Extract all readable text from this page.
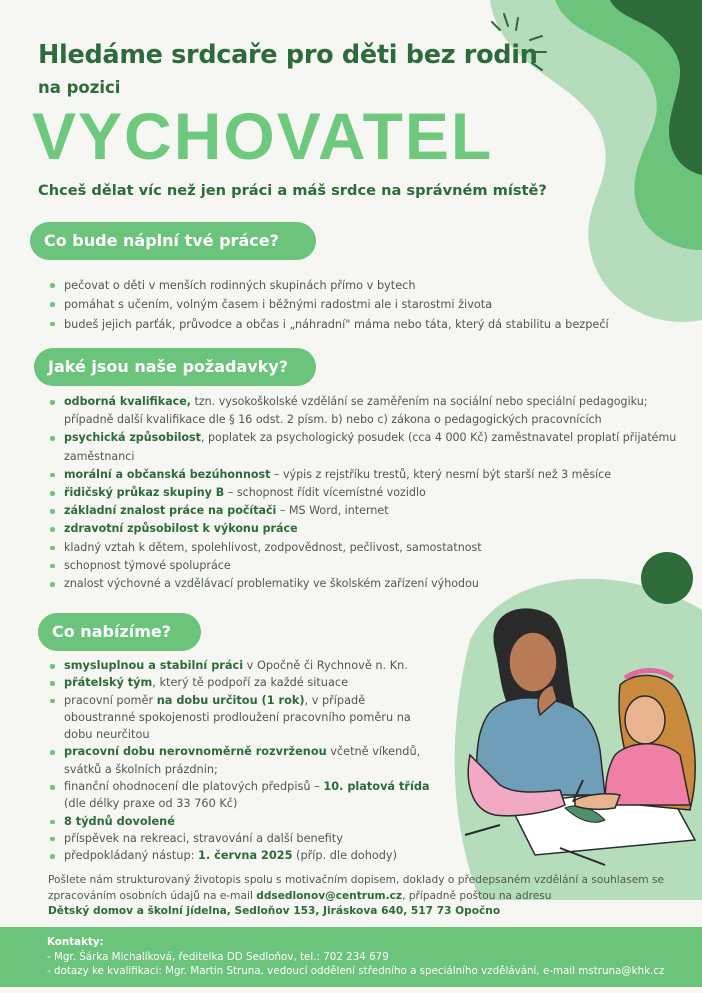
Hledáme srdcaře pro děti bez rodin
na pozici
VYCHOVATEL
Chceš dělat víc než jen práci a máš srdce na správném místě?
Co bude náplní tvé práce?
pečovat o děti v menších rodinných skupinách přímo v bytech
pomáhat s učením, volným časem i běžnými radostmi ale i starostmi života
budeš jejich parťák, průvodce a občas i „náhradní" máma nebo táta, který dá stabilitu a bezpečí
Jaké jsou naše požadavky?
odborná kvalifikace, tzn. vysokoškolské vzdělání se zaměřením na sociální nebo speciální pedagogiku; případně další kvalifikace dle § 16 odst. 2 písm. b) nebo c) zákona o pedagogických pracovnících
psychická způsobilost, poplatek za psychologický posudek (cca 4 000 Kč) zaměstnavatel proplatí přijatému zaměstnanci
morální a občanská bezúhonnost – výpis z rejstříku trestů, který nesmí být starší než 3 měsíce
řidičský průkaz skupiny B – schopnost řídit vícemístné vozidlo
základní znalost práce na počítači – MS Word, internet
zdravotní způsobilost k výkonu práce
kladný vztah k dětem, spolehlivost, zodpovědnost, pečlivost, samostatnost
schopnost týmové spolupráce
znalost výchovné a vzdělávací problematiky ve školském zařízení výhodou
Co nabízíme?
smysluplnou a stabilní práci v Opočně či Rychnově n. Kn.
přátelský tým, který tě podpoří za každé situace
pracovní poměr na dobu určitou (1 rok), v případě oboustranné spokojenosti prodloužení pracovního poměru na dobu neurčitou
pracovní dobu nerovnoměrně rozvrženou včetně víkendů, svátků a školních prázdnin;
finanční ohodnocení dle platových předpisů – 10. platová třída (dle délky praxe od 33 760 Kč)
8 týdnů dovolené
příspěvek na rekreaci, stravování a další benefity
předpokládaný nástup: 1. června 2025 (příp. dle dohody)
Pošlete nám strukturovaný životopis spolu s motivačním dopisem, doklady o předepsaném vzdělání a souhlasem se zpracováním osobních údajů na e-mail ddsedlonov@centrum.cz, případně poštou na adresu
Dětský domov a školní jídelna, Sedloňov 153, Jiráskova 640, 517 73 Opočno
Kontakty:
- Mgr. Šárka Michalíková, ředitelka DD Sedloňov, tel.: 702 234 679
- dotazy ke kvalifikaci: Mgr. Martin Struna, vedoucí oddělení středního a speciálního vzdělávání, e-mail mstruna@khk.cz
